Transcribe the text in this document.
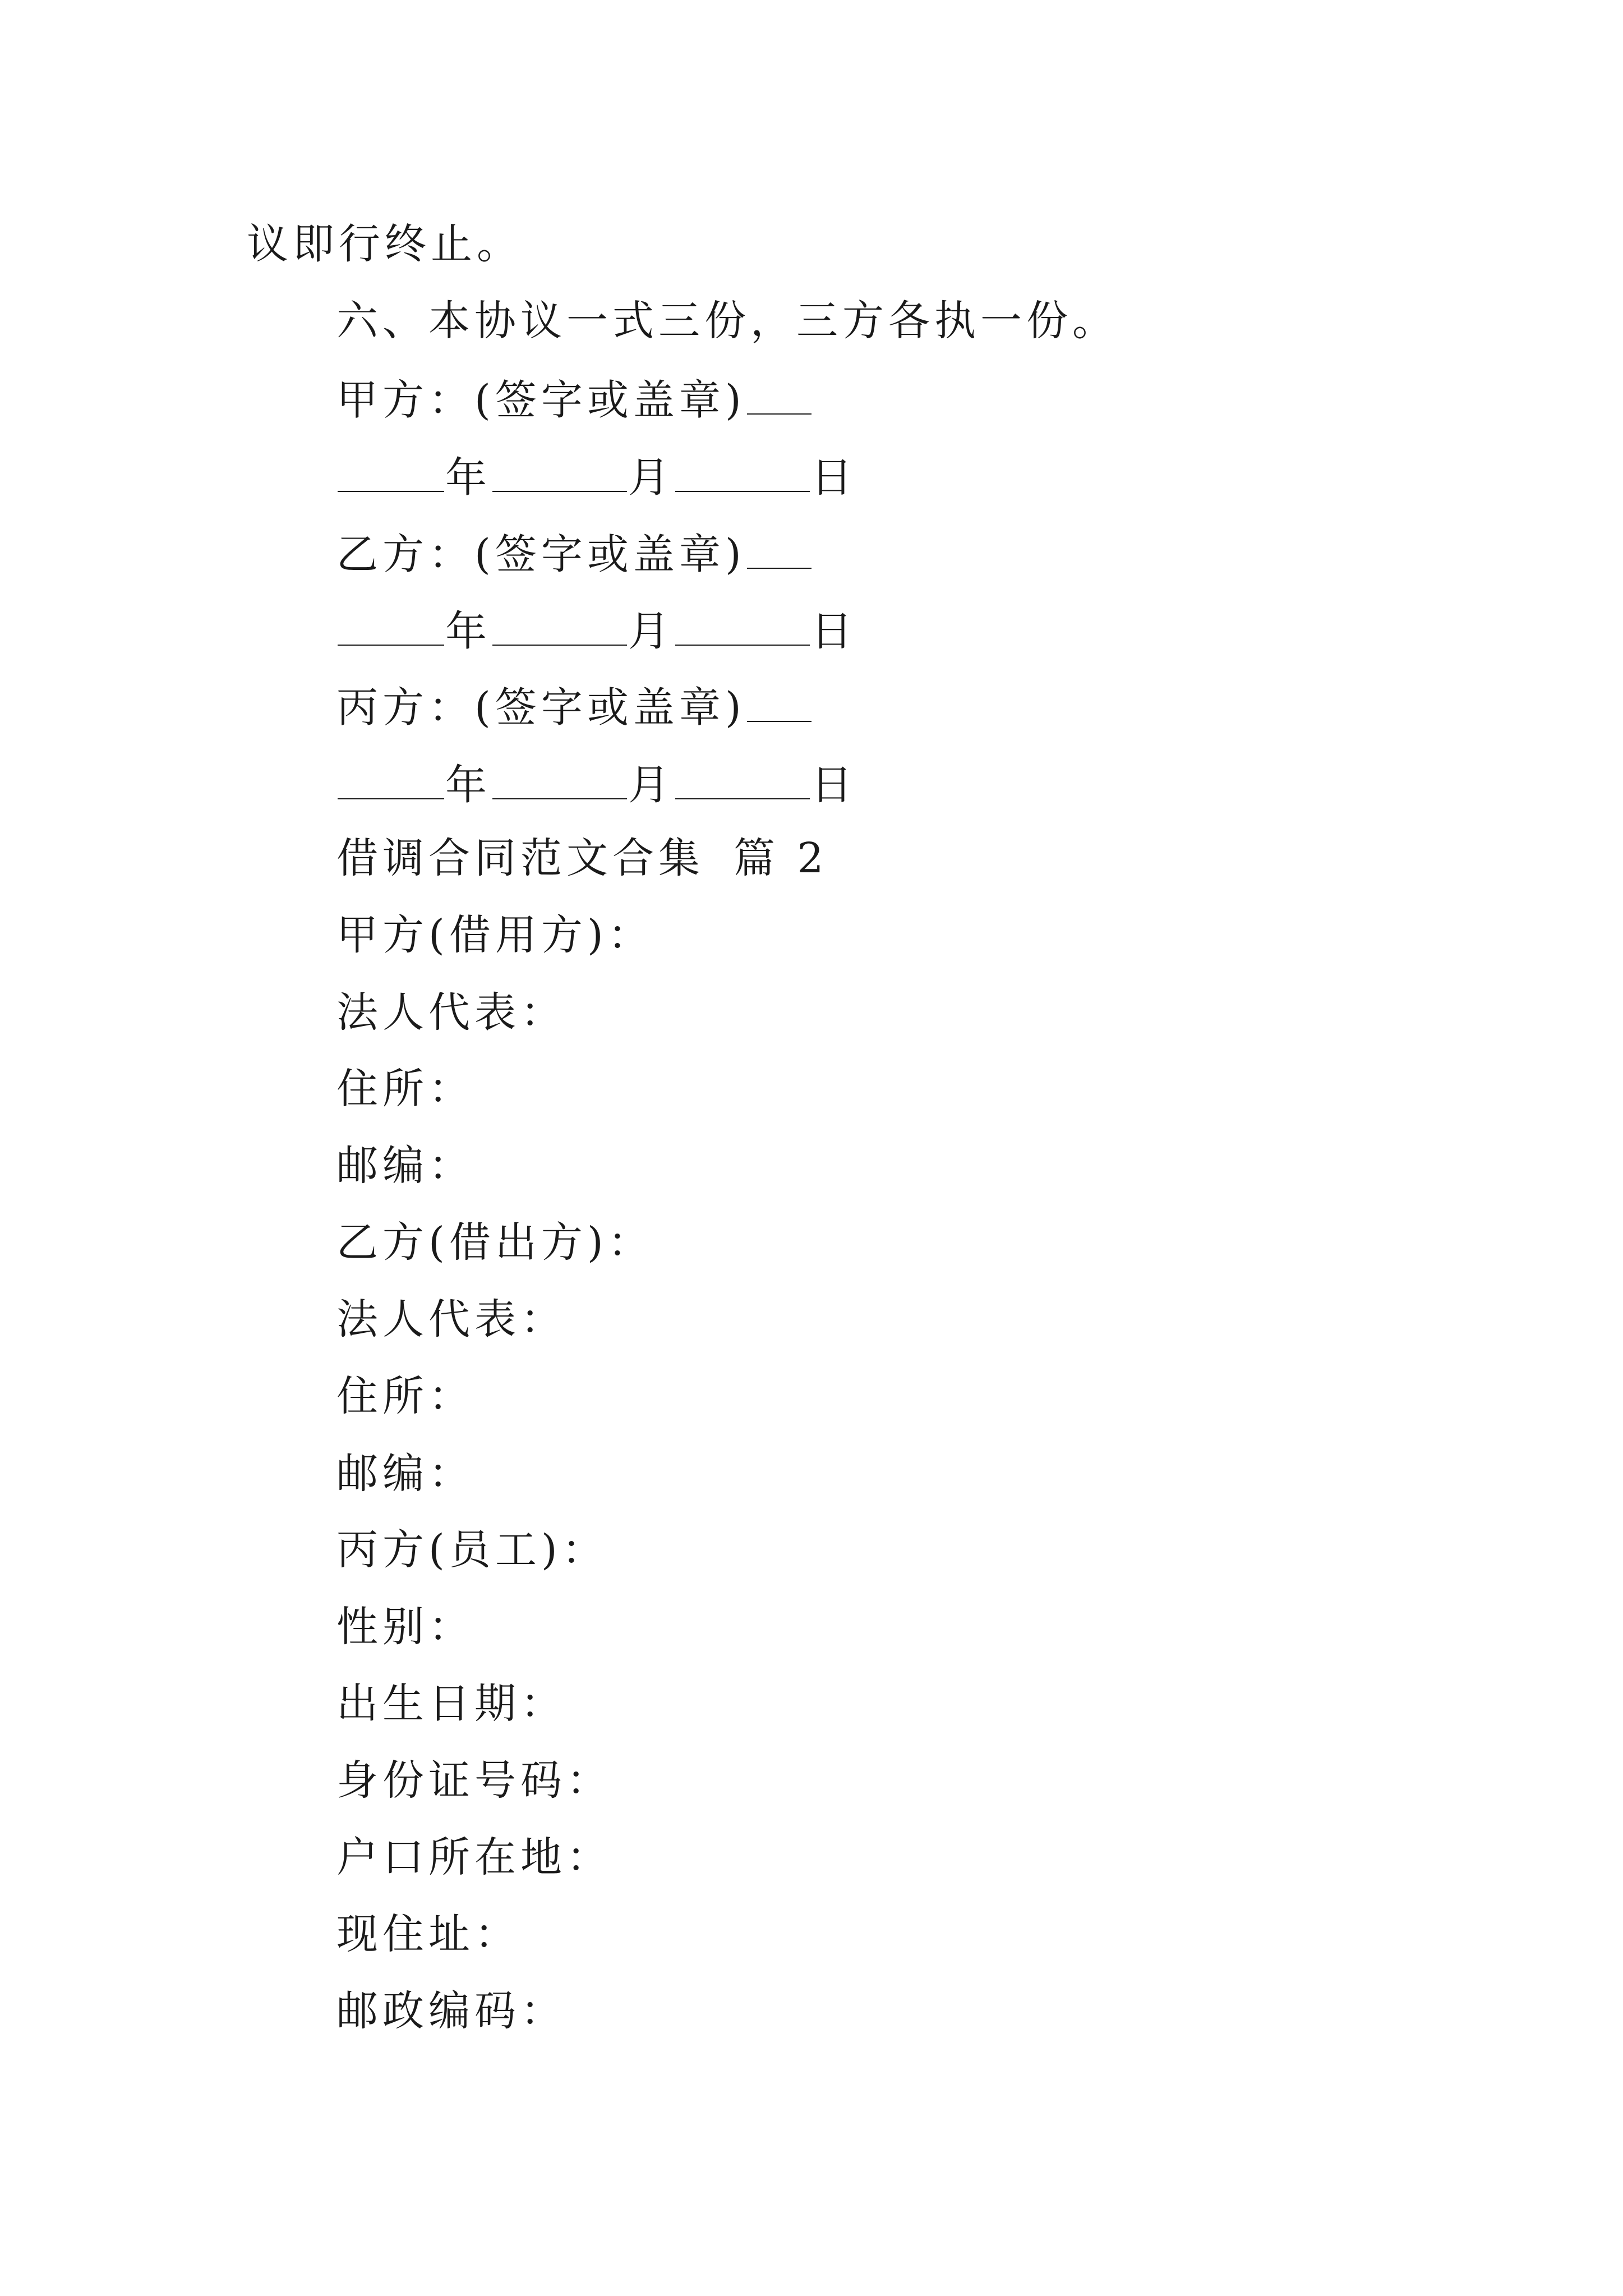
议即行终止。
六、本协议一式三份，三方各执一份。
甲方：(签字或盖章)
年	月	日
乙方：(签字或盖章)
年	月	日
丙方：(签字或盖章)
年	月	日
借调合同范文合集 篇 2
甲方(借用方)：
法人代表：
住所：
邮编：
乙方(借出方)：
法人代表：
住所：
邮编：
丙方(员工)：
性别：
出生日期：
身份证号码：
户口所在地：
现住址：
邮政编码：
